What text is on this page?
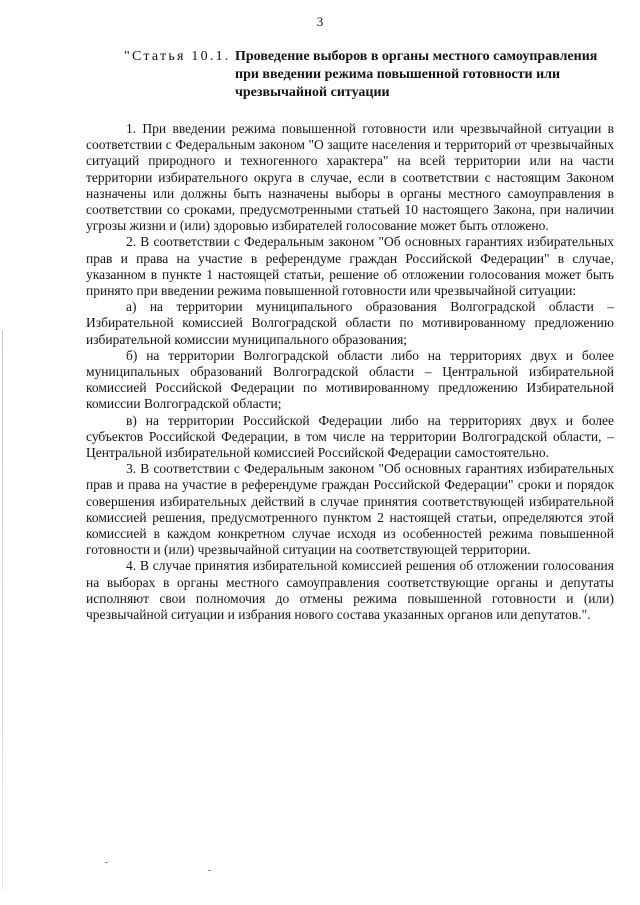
3
"Статья 10.1. Проведение выборов в органы местного самоуправления при введении режима повышенной готовности или чрезвычайной ситуации

1. При введении режима повышенной готовности или чрезвычайной ситуации в соответствии с Федеральным законом "О защите населения и территорий от чрезвычайных ситуаций природного и техногенного характера" на всей территории или на части территории избирательного округа в случае, если в соответствии с настоящим Законом назначены или должны быть назначены выборы в органы местного самоуправления в соответствии со сроками, предусмотренными статьей 10 настоящего Закона, при наличии угрозы жизни и (или) здоровью избирателей голосование может быть отложено.

2. В соответствии с Федеральным законом "Об основных гарантиях избирательных прав и права на участие в референдуме граждан Российской Федерации" в случае, указанном в пункте 1 настоящей статьи, решение об отложении голосования может быть принято при введении режима повышенной готовности или чрезвычайной ситуации:

а) на территории муниципального образования Волгоградской области – Избирательной комиссией Волгоградской области по мотивированному предложению избирательной комиссии муниципального образования;

б) на территории Волгоградской области либо на территориях двух и более муниципальных образований Волгоградской области – Центральной избирательной комиссией Российской Федерации по мотивированному предложению Избирательной комиссии Волгоградской области;

в) на территории Российской Федерации либо на территориях двух и более субъектов Российской Федерации, в том числе на территории Волгоградской области, – Центральной избирательной комиссией Российской Федерации самостоятельно.

3. В соответствии с Федеральным законом "Об основных гарантиях избирательных прав и права на участие в референдуме граждан Российской Федерации" сроки и порядок совершения избирательных действий в случае принятия соответствующей избирательной комиссией решения, предусмотренного пунктом 2 настоящей статьи, определяются этой комиссией в каждом конкретном случае исходя из особенностей режима повышенной готовности и (или) чрезвычайной ситуации на соответствующей территории.

4. В случае принятия избирательной комиссией решения об отложении голосования на выборах в органы местного самоуправления соответствующие органы и депутаты исполняют свои полномочия до отмены режима повышенной готовности и (или) чрезвычайной ситуации и избрания нового состава указанных органов или депутатов.".
